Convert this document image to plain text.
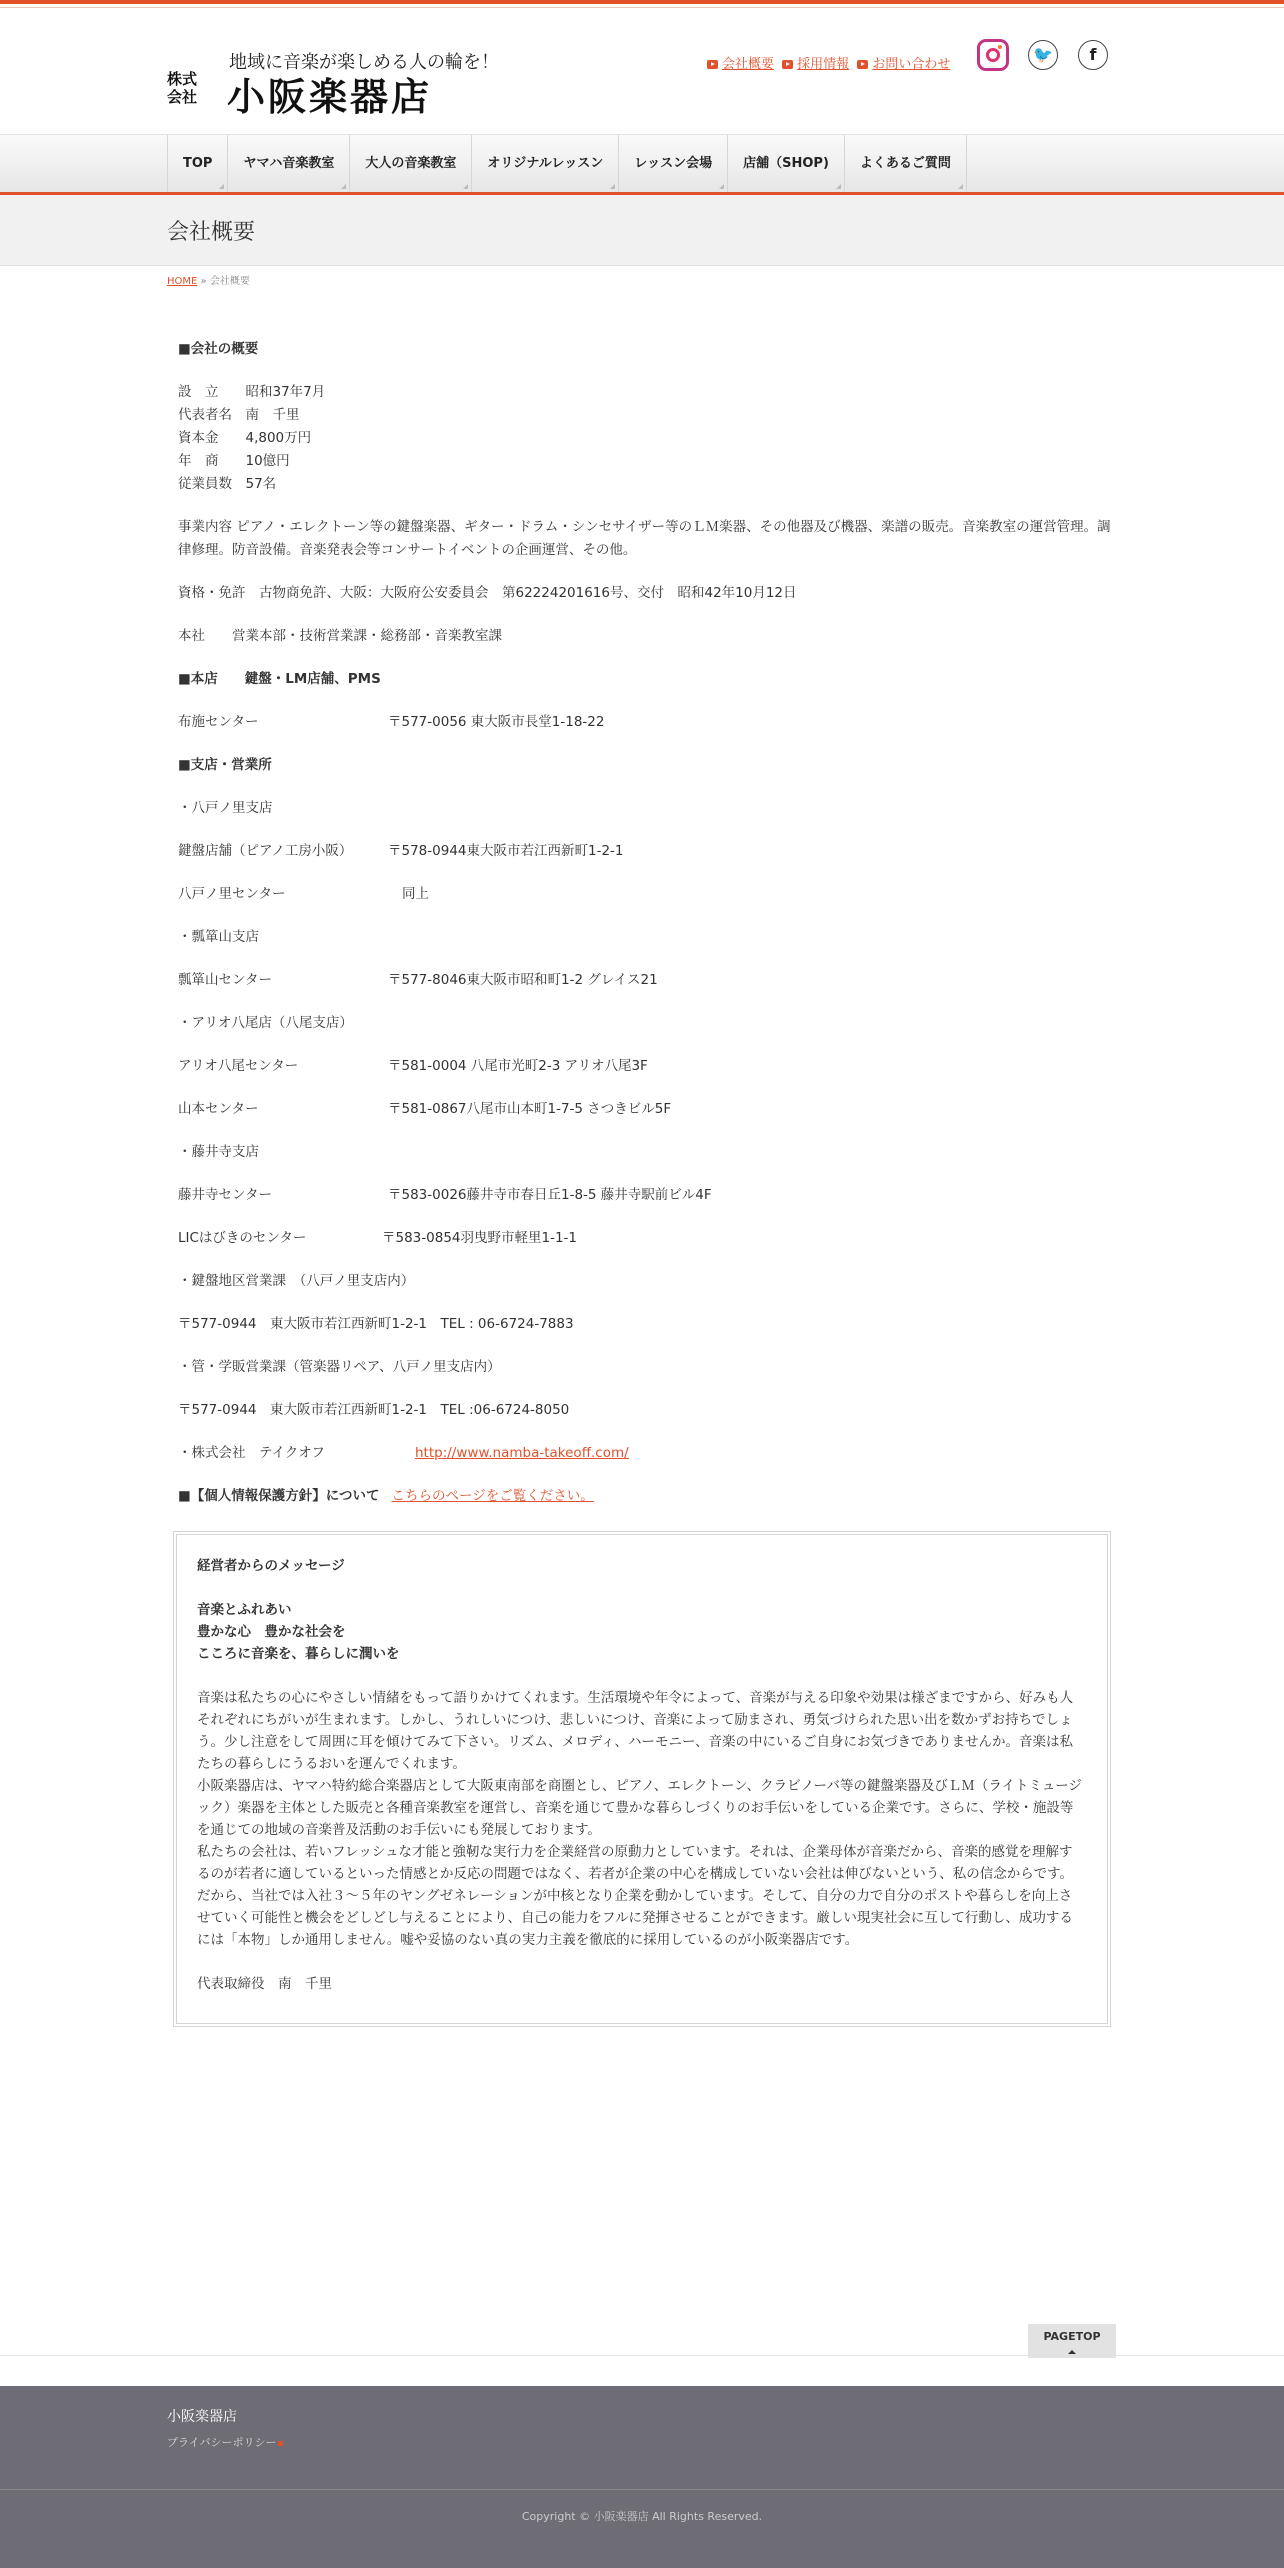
地域に音楽が楽しめる人の輪を！
株式会社 小阪楽器店
会社概要 採用情報 お問い合わせ
🐦	f
TOP	ヤマハ音楽教室	大人の音楽教室	オリジナルレッスン	レッスン会場	店舗（SHOP)	よくあるご質問
会社概要
HOME » 会社概要

■会社の概要

設　立　　昭和37年7月

代表者名　南　千里

資本金　　4,800万円

年　商　　10億円

従業員数　57名

事業内容 ピアノ・エレクトーン等の鍵盤楽器、ギター・ドラム・シンセサイザー等のＬＭ楽器、その他器及び機器、楽譜の販売。音楽教室の運営管理。調律修理。防音設備。音楽発表会等コンサートイベントの企画運営、その他。

資格・免許　古物商免許、大阪：大阪府公安委員会　第62224201616号、交付　昭和42年10月12日

本社　　営業本部・技術営業課・総務部・音楽教室課

■本店　　鍵盤・LM店舗、PMS

布施センター	〒577-0056 東大阪市長堂1-18-22

■支店・営業所

・八戸ノ里支店

鍵盤店舗（ピアノ工房小阪）	〒578-0944東大阪市若江西新町1-2-1
八戸ノ里センター	同上

・瓢箪山支店

瓢箪山センター	〒577-8046東大阪市昭和町1-2 グレイス21

・アリオ八尾店（八尾支店）

アリオ八尾センター	〒581-0004 八尾市光町2-3 アリオ八尾3F
山本センター	〒581-0867八尾市山本町1-7-5 さつきビル5F

・藤井寺支店

藤井寺センター	〒583-0026藤井寺市春日丘1-8-5 藤井寺駅前ビル4F
LICはびきのセンター	〒583-0854羽曳野市軽里1-1-1

・鍵盤地区営業課　（八戸ノ里支店内）

〒577-0944　東大阪市若江西新町1-2-1　TEL : 06-6724-7883

・管・学販営業課（管楽器リペア、八戸ノ里支店内）

〒577-0944　東大阪市若江西新町1-2-1　TEL :06-6724-8050

・株式会社　テイクオフ	http://www.namba-takeoff.com/
■【個人情報保護方針】について こちらのページをご覧ください。

経営者からのメッセージ

音楽とふれあい

豊かな心　豊かな社会を

こころに音楽を、暮らしに潤いを

音楽は私たちの心にやさしい情緒をもって語りかけてくれます。生活環境や年令によって、音楽が与える印象や効果は様ざまですから、好みも人それぞれにちがいが生まれます。しかし、うれしいにつけ、悲しいにつけ、音楽によって励まされ、勇気づけられた思い出を数かずお持ちでしょう。少し注意をして周囲に耳を傾けてみて下さい。リズム、メロディ、ハーモニー、音楽の中にいるご自身にお気づきでありませんか。音楽は私たちの暮らしにうるおいを運んでくれます。

小阪楽器店は、ヤマハ特約総合楽器店として大阪東南部を商圏とし、ピアノ、エレクトーン、クラビノーバ等の鍵盤楽器及びＬＭ（ライトミュージック）楽器を主体とした販売と各種音楽教室を運営し、音楽を通じて豊かな暮らしづくりのお手伝いをしている企業です。さらに、学校・施設等を通じての地域の音楽普及活動のお手伝いにも発展しております。

私たちの会社は、若いフレッシュな才能と強靭な実行力を企業経営の原動力としています。それは、企業母体が音楽だから、音楽的感覚を理解するのが若者に適しているといった情感とか反応の問題ではなく、若者が企業の中心を構成していない会社は伸びないという、私の信念からです。だから、当社では入社３～５年のヤングゼネレーションが中核となり企業を動かしています。そして、自分の力で自分のポストや暮らしを向上させていく可能性と機会をどしどし与えることにより、自己の能力をフルに発揮させることができます。厳しい現実社会に互して行動し、成功するには「本物」しか通用しません。嘘や妥協のない真の実力主義を徹底的に採用しているのが小阪楽器店です。

代表取締役　南　千里

PAGETOP
小阪楽器店
プライバシーポリシー
Copyright © 小阪楽器店 All Rights Reserved.
